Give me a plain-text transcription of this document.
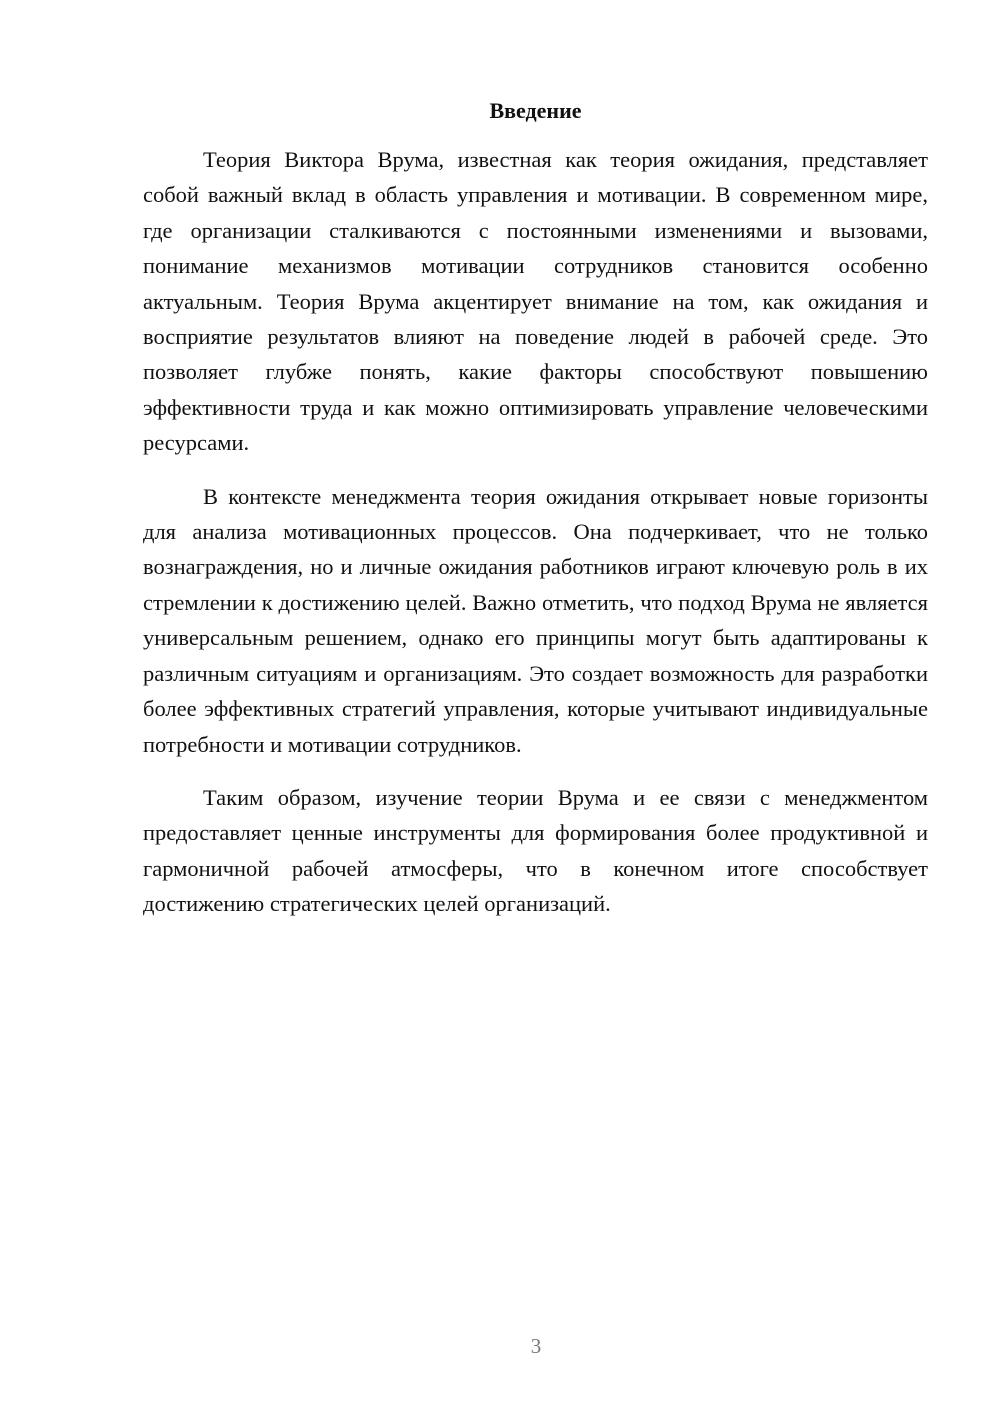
Введение

Теория Виктора Врума, известная как теория ожидания, представляет собой важный вклад в область управления и мотивации. В современном мире, где организации сталкиваются с постоянными изменениями и вызовами, понимание механизмов мотивации сотрудников становится особенно актуальным. Теория Врума акцентирует внимание на том, как ожидания и восприятие результатов влияют на поведение людей в рабочей среде. Это позволяет глубже понять, какие факторы способствуют повышению эффективности труда и как можно оптимизировать управление человеческими ресурсами.

В контексте менеджмента теория ожидания открывает новые горизонты для анализа мотивационных процессов. Она подчеркивает, что не только вознаграждения, но и личные ожидания работников играют ключевую роль в их стремлении к достижению целей. Важно отметить, что подход Врума не является универсальным решением, однако его принципы могут быть адаптированы к различным ситуациям и организациям. Это создает возможность для разработки более эффективных стратегий управления, которые учитывают индивидуальные потребности и мотивации сотрудников.

Таким образом, изучение теории Врума и ее связи с менеджментом предоставляет ценные инструменты для формирования более продуктивной и гармоничной рабочей атмосферы, что в конечном итоге способствует достижению стратегических целей организаций.

3
